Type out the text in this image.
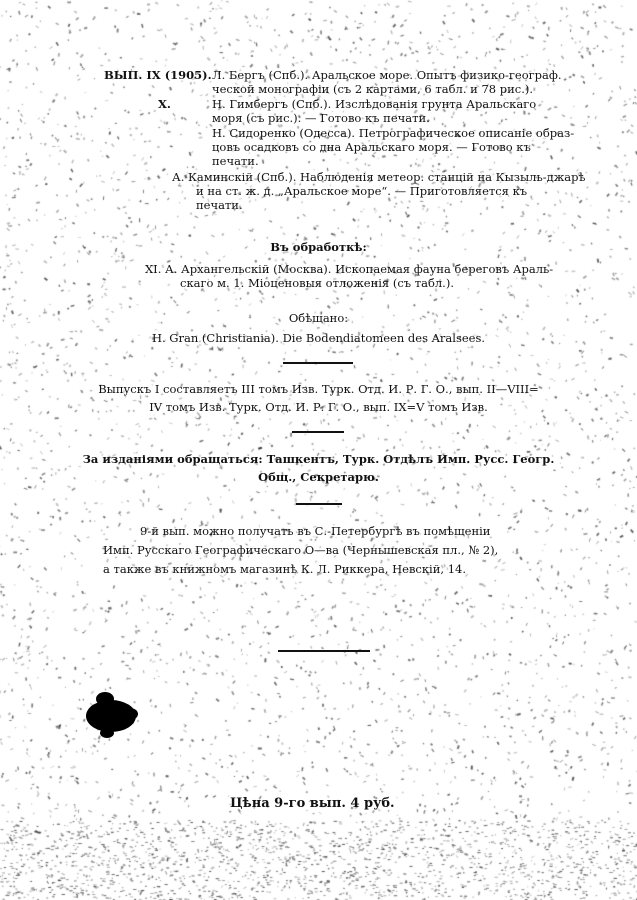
ВЫП. IX (1905). Л. Бергъ (Спб.). Аральское море. Опытъ физико-географ.
ческой монографіи (съ 2 картами, 6 табл. и 78 рис.).
X.	Н. Гимбергъ (Спб.). Изслѣдованія грунта Аральскаго
моря (съ рис.). — Готово къ печати.
Н. Сидоренко (Одесса). Петрографическое описаніе образ-
цовъ осадковъ со дна Аральскаго моря. — Готово къ
печати.
А. Каминскій (Спб.). Наблюденія метеор. станцій на Кызыль-джарѣ
и на ст. ж. д. „Аральское море“. — Приготовляется къ
печати.
Въ обработкѣ:
XI. А. Архангельскій (Москва). Ископаемая фауна береговъ Араль-
скаго м. 1. Міоценовыя отложенія (съ табл.).
Обѣщано:
H. Gran (Christiania). Die Bodendiatomeen des Aralsees.
Выпускъ I составляетъ III томъ Изв. Турк. Отд. И. Р. Г. О., вып. II—VIII=
IV томъ Изв. Турк. Отд. И. Р. Г. О., вып. IX=V томъ Изв.
За изданіями обращаться: Ташкентъ, Турк. Отдѣлъ Имп. Русс. Геогр.
Общ., Секретарю.
9-й вып. можно получать въ С.-Петербургѣ въ помѣщеніи
Имп. Русскаго Географическаго О—ва (Чернышевская пл., № 2),
а также въ книжномъ магазинѣ К. Л. Риккера, Невскій, 14.
Цѣна 9-го вып. 4 руб.
